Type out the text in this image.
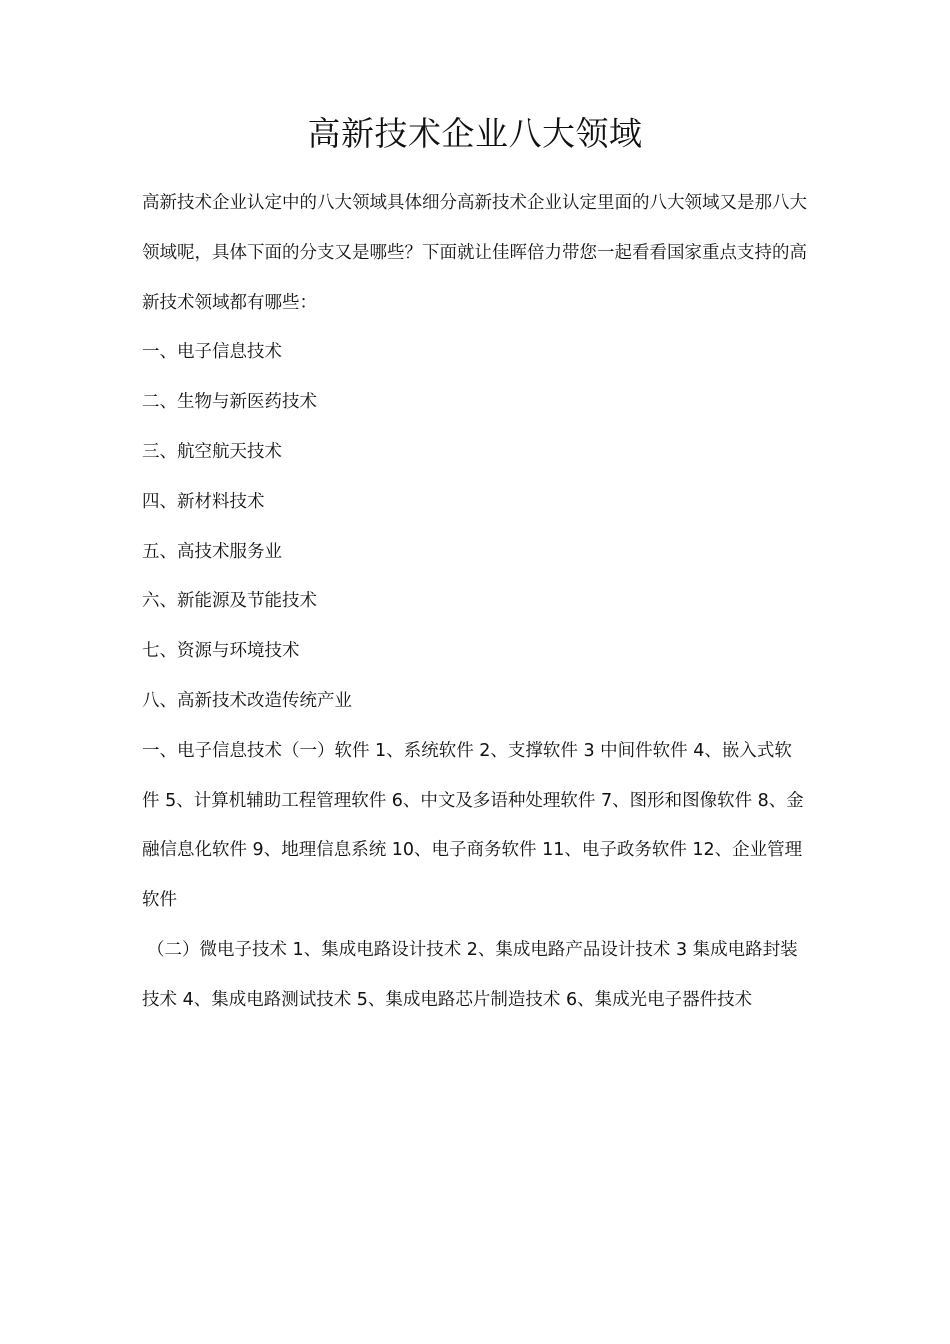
高新技术企业八大领域

高新技术企业认定中的八大领域具体细分高新技术企业认定里面的八大领域又是那八大领域呢，具体下面的分支又是哪些？下面就让佳晖倍力带您一起看看国家重点支持的高新技术领域都有哪些：

一、电子信息技术

二、生物与新医药技术

三、航空航天技术

四、新材料技术

五、高技术服务业

六、新能源及节能技术

七、资源与环境技术

八、高新技术改造传统产业

一、电子信息技术（一）软件 1、系统软件 2、支撑软件 3 中间件软件 4、嵌入式软件 5、计算机辅助工程管理软件 6、中文及多语种处理软件 7、图形和图像软件 8、金融信息化软件 9、地理信息系统 10、电子商务软件 11、电子政务软件 12、企业管理软件

（二）微电子技术 1、集成电路设计技术 2、集成电路产品设计技术 3 集成电路封装技术 4、集成电路测试技术 5、集成电路芯片制造技术 6、集成光电子器件技术
